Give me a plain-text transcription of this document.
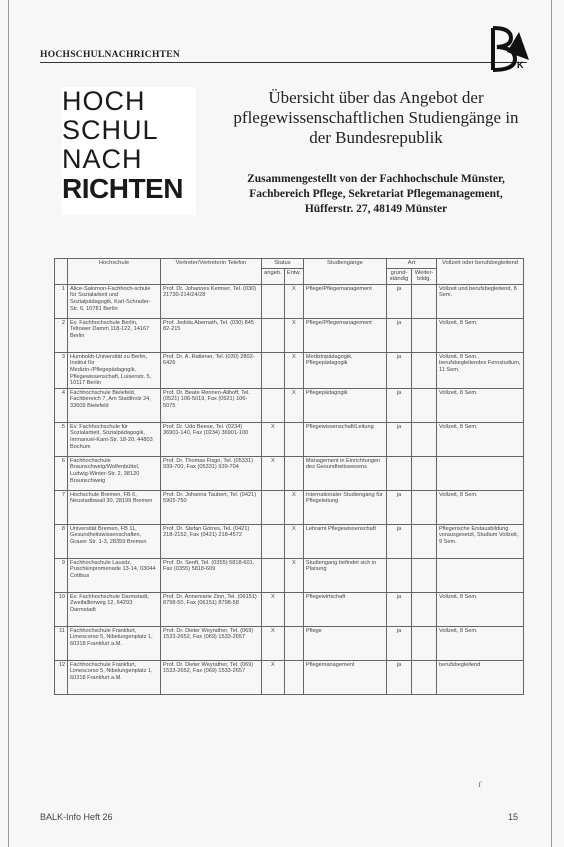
HOCHSCHULNACHRICHTEN
K
HOCH
SCHUL
NACH
RICHTEN
Übersicht über das Angebot der
pflegewissenschaftlichen Studiengänge in
der Bundesrepublik
Zusammengestellt von der Fachhochschule Münster,
Fachbereich Pflege, Sekretariat Pflegemanagement,
Hüfferstr. 27, 48149 Münster
	Hochschule	Vertreter/Vertreterin Telefon	Status		Studiengänge	Art		Vollzeit oder berufsbegleitend
			angeb.	Entw.		grund-ständig	Weiter-bildg.	
1	Alice-Salomon-Fachhoch-schule für Sozialarbeit und Sozialpädagogik, Karl-Schrader-Str. 6, 10781 Berlin	Prof. Dr. Johannes Kemser, Tel. (030) 21730-214/24/28		X	Pflege/Pflegemanagement	ja		Vollzeit und berufsbegleitend, 8 Sem.
2	Ev. Fachhochschule Berlin, Teltower Damm 118-122, 14167 Berlin	Prof. Jedida Abernath, Tel. (030) 845 82-215		X	Pflege/Pflegemanagement	ja		Vollzeit, 8 Sem.
3	Humboldt-Universität zu Berlin, Institut für Medizin-/Pflegepädagogik, Pflegewissenschaft, Luisenstr. 5, 10117 Berlin	Prof. Dr. A. Ratlener, Tel. (030) 2802-6426		X	Medizinpädagogik, Pflegepädagogik	ja		Vollzeit, 8 Sem., berufsbegleitendes Fernstudium, 11 Sem.
4	Fachhochschule Bielefeld, Fachbereich 7, Am Stadtholz 24, 33609 Bielefeld	Prof. Dr. Beate Rennen-Allhoff, Tel. (0521) 106-5019, Fax (0521) 106-5075		X	Pflegepädagogik	ja		Vollzeit, 8 Sem.
5	Ev. Fachhochschule für Sozialarbeit, Sozialpädagogik, Immanuel-Kant-Str. 18-20, 44803 Bochum	Prof. Dr. Udo Beese, Tel. (0234) 36901-140, Fax (0234) 36901-100	X		Pflegewissenschaft/Leitung	ja		Vollzeit, 8 Sem.
6	Fachhochschule Braunschweig/Wolfenbüttel, Ludwig-Winter-Str. 2, 38120 Braunschweig	Prof. Dr. Thomas Fisgo, Tel. (05331) 939-700, Fax (05331) 939-704	X		Management in Einrichtungen des Gesundheitswesens			
7	Hochschule Bremen, FB 6, Neustadtswall 30, 28199 Bremen	Prof. Dr. Johanna Taubert, Tel. (0421) 5905-750		X	Internationaler Studiengang für Pflegeleitung	ja		Vollzeit, 8 Sem.
8	Universität Bremen, FB 11, Gesundheitswissenschaften, Grazer Str. 1-3, 28359 Bremen	Prof. Dr. Stefan Görres, Tel. (0421) 218-2152, Fax (0421) 218-4572		X	Lehramt Pflegewissenschaft	ja		Pflegerische Erstausbildung vorausgesetzt, Studium Vollzeit, 9 Sem.
9	Fachhochschule Lausitz, Puschkinpromenade 13-14, 03044 Cottbus	Prof. Dr. Senft, Tel. (0355) 5818-601, Fax (0355) 5818-609		X	Studiengang befindet sich in Planung			
10	Ev. Fachhochschule Darmstadt, Zweifalltorweg 12, 64293 Darmstadt	Prof. Dr. Annemarie Zinn, Tel. (06151) 8798-50, Fax (06151) 8798-58	X		Pflegewirtschaft	ja		Vollzeit, 8 Sem.
11	Fachhochschule Frankfurt, Limescorso 5, Nibelungenplatz 1, 60318 Frankfurt a.M.	Prof. Dr. Dieter Weyrather, Tel. (069) 1533-2652, Fax (069) 1533-2657	X		Pflege	ja		Vollzeit, 8 Sem.
12	Fachhochschule Frankfurt, Limescorso 5, Nibelungenplatz 1, 60318 Frankfurt a.M.	Prof. Dr. Dieter Weyrather, Tel. (069) 1533-2652, Fax (069) 1533-2657	X		Pflegemanagement	ja		berufsbegleitend
ɾ
BALK-Info Heft 26	15
